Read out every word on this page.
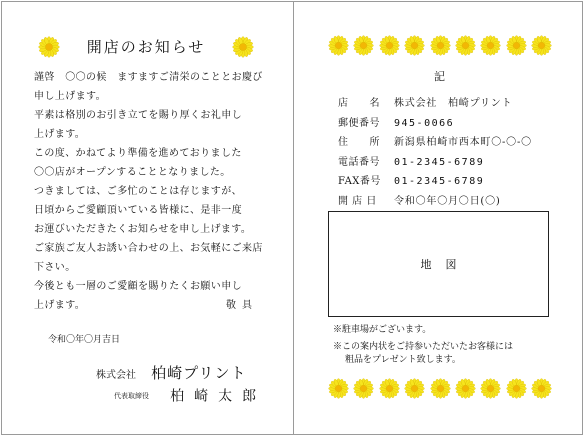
開店のお知らせ
謹啓　〇〇の候　ますますご清栄のこととお慶び
申し上げます。
平素は格別のお引き立てを賜り厚くお礼申し
上げます。
この度、かねてより準備を進めておりました
〇〇店がオープンすることとなりました。
つきましては、ご多忙のことは存じますが、
日頃からご愛顧頂いている皆様に、是非一度
お運びいただきたくお知らせを申し上げます。
ご家族ご友人お誘い合わせの上、お気軽にご来店
下さい。
今後とも一層のご愛顧を賜りたくお願い申し
上げます。	敬具
令和〇年〇月吉日
株式会社 柏崎プリント
代表取締役 柏崎太郎
記
店　　名	株式会社　柏崎プリント
郵便番号	945-0066
住　　所	新潟県柏崎市西本町〇-〇-〇
電話番号	01-2345-6789
FAX番号	01-2345-6789
開 店 日	令和〇年〇月〇日(〇)
地図
※駐車場がございます。
※この案内状をご持参いただいたお客様には
粗品をプレゼント致します。
